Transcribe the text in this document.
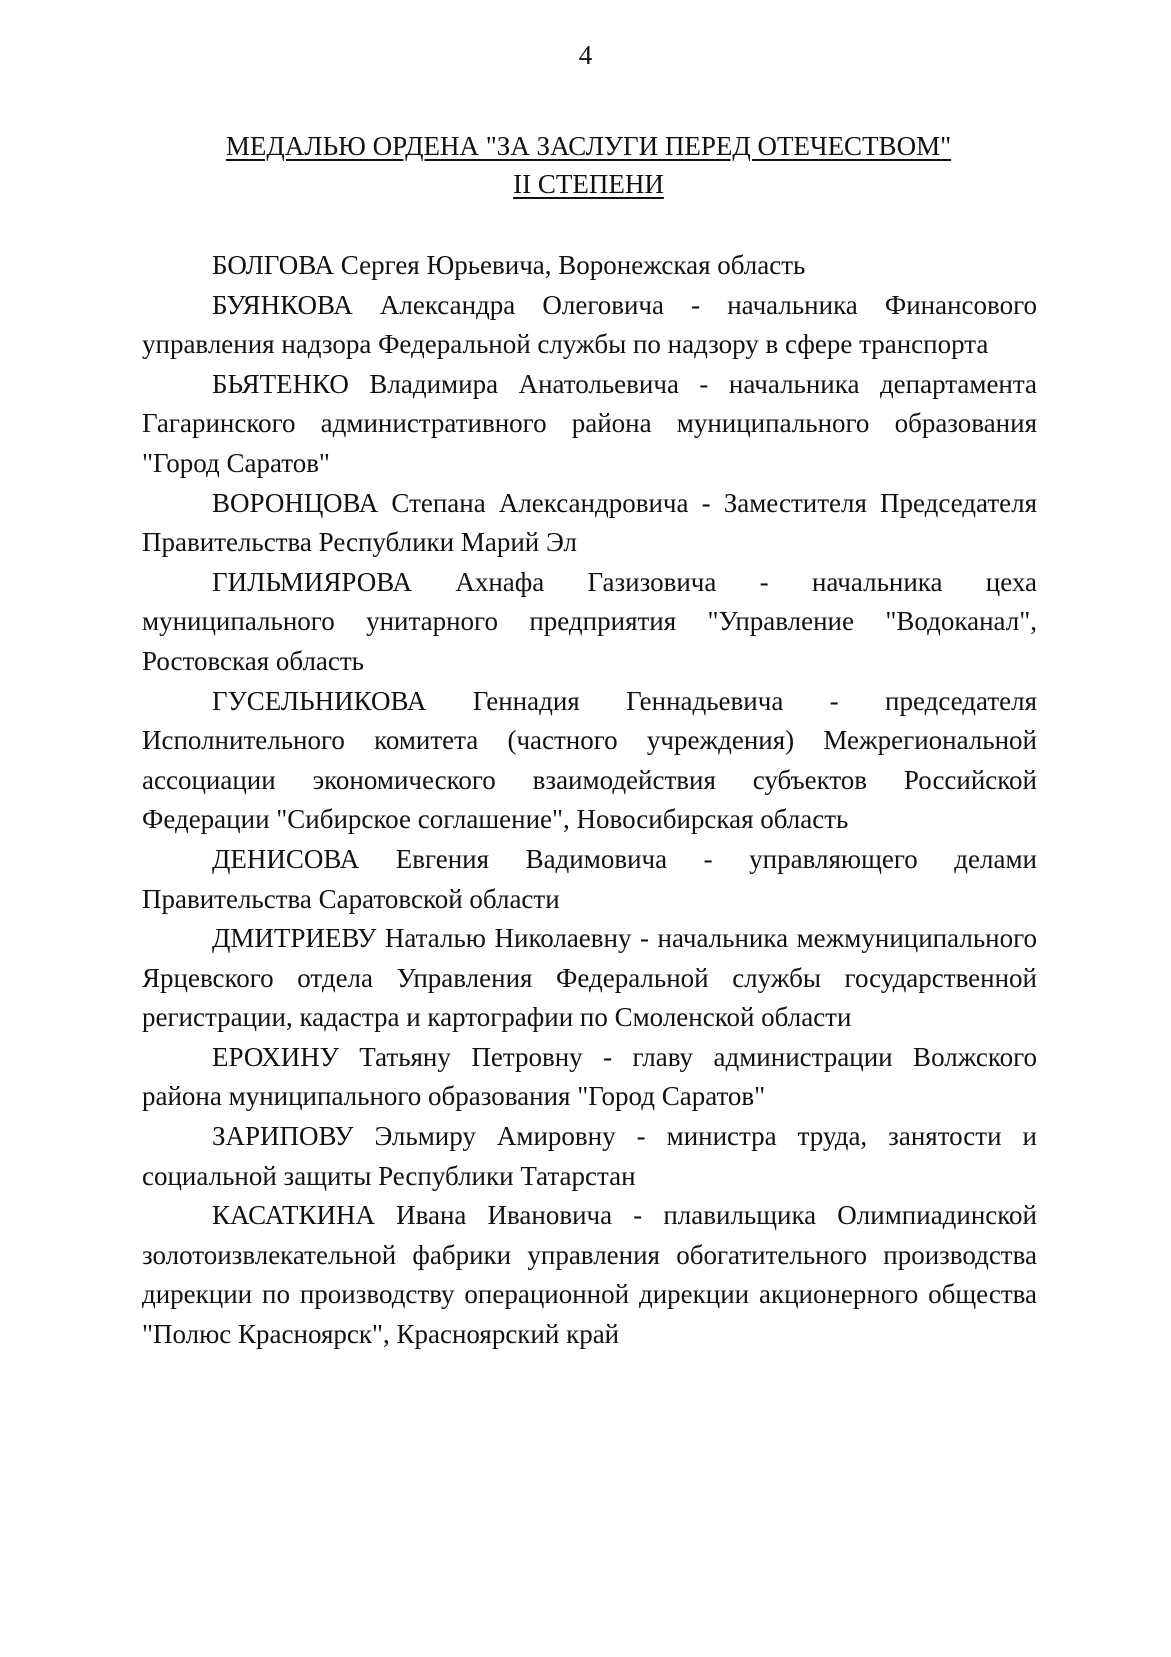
4
МЕДАЛЬЮ ОРДЕНА "ЗА ЗАСЛУГИ ПЕРЕД ОТЕЧЕСТВОМ"
II СТЕПЕНИ

БОЛГОВА Сергея Юрьевича, Воронежская область

БУЯНКОВА Александра Олеговича - начальника Финансового управления надзора Федеральной службы по надзору в сфере транспорта

БЬЯТЕНКО Владимира Анатольевича - начальника департамента Гагаринского административного района муниципального образования "Город Саратов"

ВОРОНЦОВА Степана Александровича - Заместителя Председателя Правительства Республики Марий Эл

ГИЛЬМИЯРОВА Ахнафа Газизовича - начальника цеха муниципального унитарного предприятия "Управление "Водоканал", Ростовская область

ГУСЕЛЬНИКОВА Геннадия Геннадьевича - председателя Исполнительного комитета (частного учреждения) Межрегиональной ассоциации экономического взаимодействия субъектов Российской Федерации "Сибирское соглашение", Новосибирская область

ДЕНИСОВА Евгения Вадимовича - управляющего делами Правительства Саратовской области

ДМИТРИЕВУ Наталью Николаевну - начальника межмуниципального Ярцевского отдела Управления Федеральной службы государственной регистрации, кадастра и картографии по Смоленской области

ЕРОХИНУ Татьяну Петровну - главу администрации Волжского района муниципального образования "Город Саратов"

ЗАРИПОВУ Эльмиру Амировну - министра труда, занятости и социальной защиты Республики Татарстан

КАСАТКИНА Ивана Ивановича - плавильщика Олимпиадинской золотоизвлекательной фабрики управления обогатительного производства дирекции по производству операционной дирекции акционерного общества "Полюс Красноярск", Красноярский край
